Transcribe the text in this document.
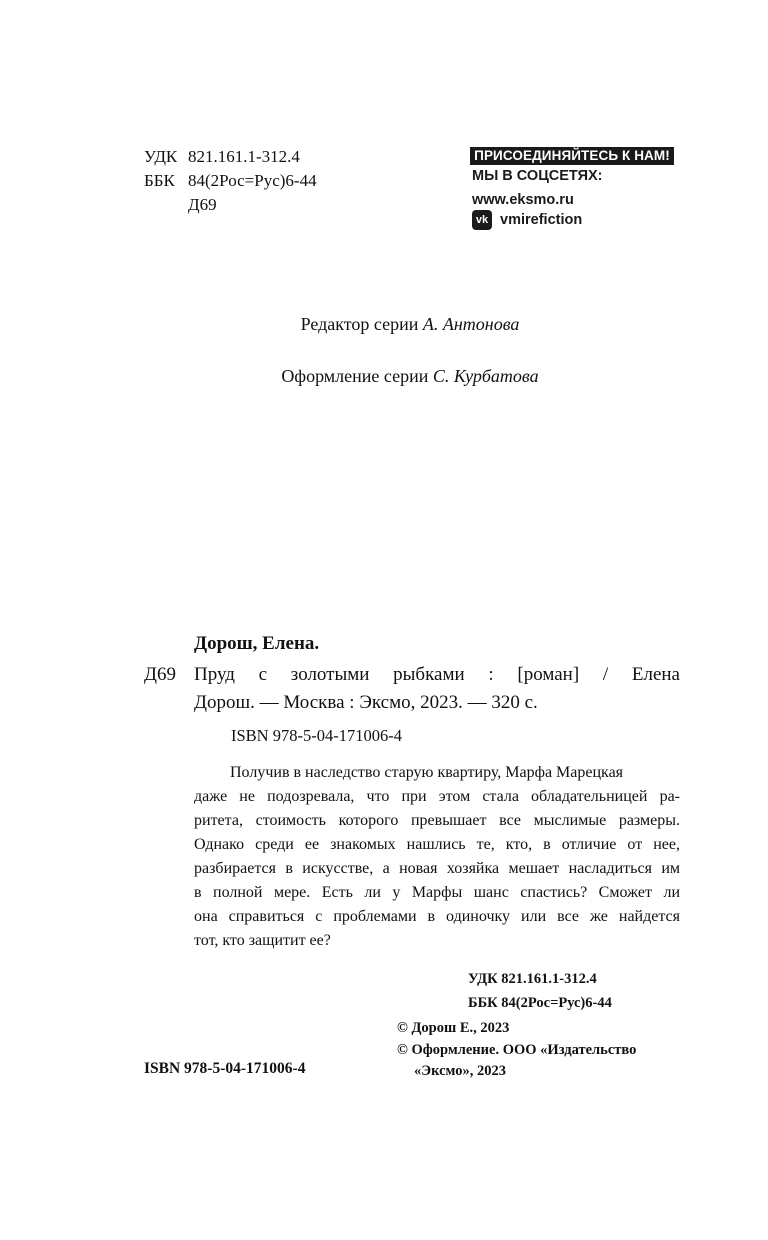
УДК 821.161.1-312.4
ББК 84(2Рос=Рус)6-44
Д69
ПРИСОЕДИНЯЙТЕСЬ К НАМ!
МЫ В СОЦСЕТЯХ:
www.eksmo.ru
vk vmirefiction
Редактор серии А. Антонова
Оформление серии С. Курбатова
Дорош, Елена.
Д69 Пруд с золотыми рыбками : [роман] / Елена
Дорош. — Москва : Эксмо, 2023. — 320 с.
ISBN 978-5-04-171006-4
Получив в наследство старую квартиру, Марфа Марецкая
даже не подозревала, что при этом стала обладательницей ра-
ритета, стоимость которого превышает все мыслимые размеры.
Однако среди ее знакомых нашлись те, кто, в отличие от нее,
разбирается в искусстве, а новая хозяйка мешает насладиться им
в полной мере. Есть ли у Марфы шанс спастись? Сможет ли
она справиться с проблемами в одиночку или все же найдется
тот, кто защитит ее?
УДК 821.161.1-312.4
ББК 84(2Рос=Рус)6-44
© Дорош Е., 2023
© Оформление. ООО «Издательство
«Эксмо», 2023
ISBN 978-5-04-171006-4
